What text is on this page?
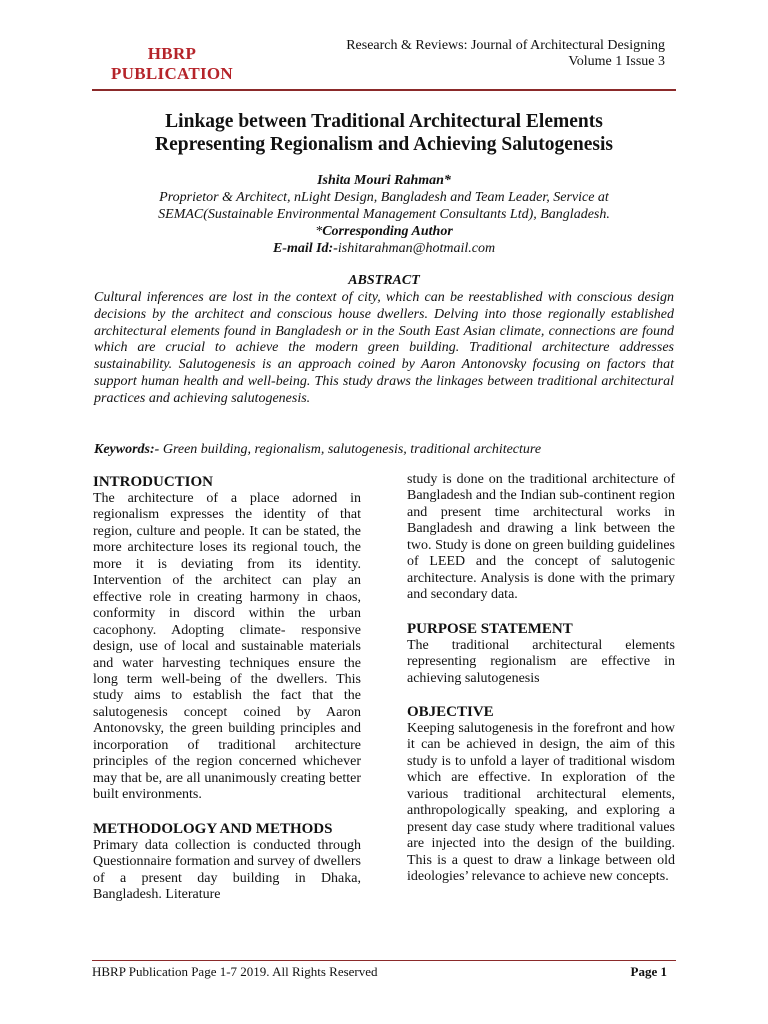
HBRP
PUBLICATION
Research & Reviews: Journal of Architectural Designing
Volume 1 Issue 3
Linkage between Traditional Architectural Elements
Representing Regionalism and Achieving Salutogenesis
Ishita Mouri Rahman*
Proprietor & Architect, nLight Design, Bangladesh and Team Leader, Service at
SEMAC(Sustainable Environmental Management Consultants Ltd), Bangladesh.
*Corresponding Author
E-mail Id:-ishitarahman@hotmail.com
ABSTRACT
Cultural inferences are lost in the context of city, which can be reestablished with conscious design decisions by the architect and conscious house dwellers. Delving into those regionally established architectural elements found in Bangladesh or in the South East Asian climate, connections are found which are crucial to achieve the modern green building. Traditional architecture addresses sustainability. Salutogenesis is an approach coined by Aaron Antonovsky focusing on factors that support human health and well-being. This study draws the linkages between traditional architectural practices and achieving salutogenesis.
Keywords:- Green building, regionalism, salutogenesis, traditional architecture
INTRODUCTION

The architecture of a place adorned in regionalism expresses the identity of that region, culture and people. It can be stated, the more architecture loses its regional touch, the more it is deviating from its identity. Intervention of the architect can play an effective role in creating harmony in chaos, conformity in discord within the urban cacophony. Adopting climate- responsive design, use of local and sustainable materials and water harvesting techniques ensure the long term well-being of the dwellers. This study aims to establish the fact that the salutogenesis concept coined by Aaron Antonovsky, the green building principles and incorporation of traditional architecture principles of the region concerned whichever may that be, are all unanimously creating better built environments.

METHODOLOGY AND METHODS

Primary data collection is conducted through Questionnaire formation and survey of dwellers of a present day building in Dhaka, Bangladesh. Literature

study is done on the traditional architecture of Bangladesh and the Indian sub-continent region and present time architectural works in Bangladesh and drawing a link between the two. Study is done on green building guidelines of LEED and the concept of salutogenic architecture. Analysis is done with the primary and secondary data.

PURPOSE STATEMENT

The traditional architectural elements representing regionalism are effective in achieving salutogenesis

OBJECTIVE

Keeping salutogenesis in the forefront and how it can be achieved in design, the aim of this study is to unfold a layer of traditional wisdom which are effective. In exploration of the various traditional architectural elements, anthropologically speaking, and exploring a present day case study where traditional values are injected into the design of the building. This is a quest to draw a linkage between old ideologies’ relevance to achieve new concepts.

HBRP Publication Page 1-7 2019. All Rights Reserved	Page 1
